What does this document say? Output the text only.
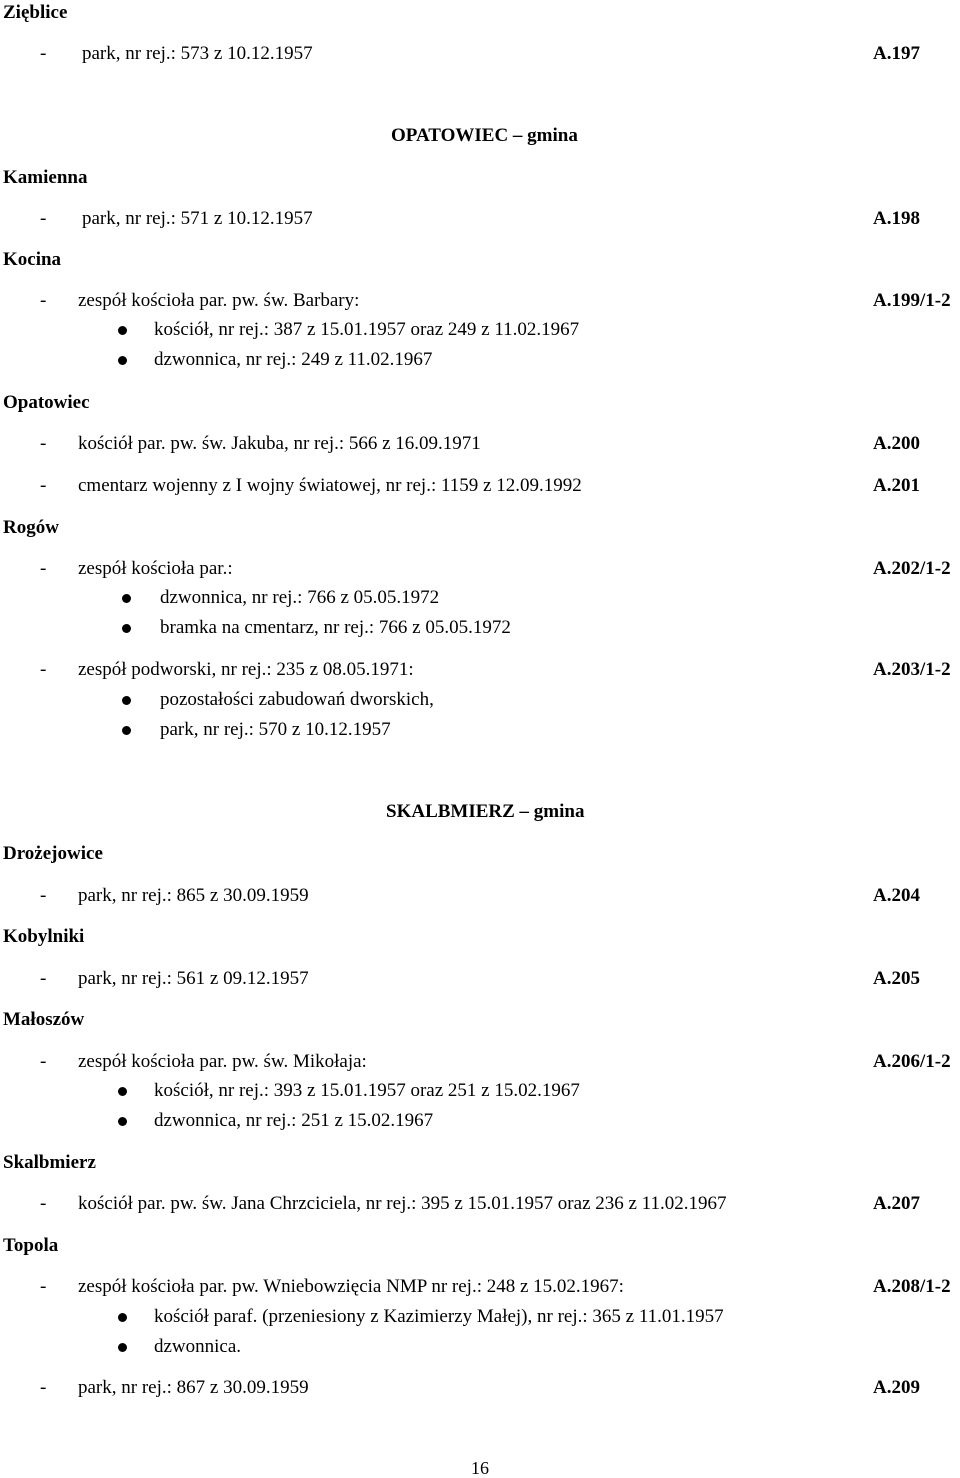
Zięblice
- park, nr rej.: 573 z 10.12.1957	A.197
OPATOWIEC – gmina
Kamienna
- park, nr rej.: 571 z 10.12.1957	A.198
Kocina
- zespół kościoła par. pw. św. Barbary:	A.199/1-2
kościół, nr rej.: 387 z 15.01.1957 oraz 249 z 11.02.1967
dzwonnica, nr rej.: 249 z 11.02.1967
Opatowiec
- kościół par. pw. św. Jakuba, nr rej.: 566 z 16.09.1971	A.200
- cmentarz wojenny z I wojny światowej, nr rej.: 1159 z 12.09.1992	A.201
Rogów
- zespół kościoła par.:	A.202/1-2
dzwonnica, nr rej.: 766 z 05.05.1972
bramka na cmentarz, nr rej.: 766 z 05.05.1972
- zespół podworski, nr rej.: 235 z 08.05.1971:	A.203/1-2
pozostałości zabudowań dworskich,
park, nr rej.: 570 z 10.12.1957
SKALBMIERZ – gmina
Drożejowice
- park, nr rej.: 865 z 30.09.1959	A.204
Kobylniki
- park, nr rej.: 561 z 09.12.1957	A.205
Małoszów
- zespół kościoła par. pw. św. Mikołaja:	A.206/1-2
kościół, nr rej.: 393 z 15.01.1957 oraz 251 z 15.02.1967
dzwonnica, nr rej.: 251 z 15.02.1967
Skalbmierz
- kościół par. pw. św. Jana Chrzciciela, nr rej.: 395 z 15.01.1957 oraz 236 z 11.02.1967	A.207
Topola
- zespół kościoła par. pw. Wniebowzięcia NMP nr rej.: 248 z 15.02.1967:	A.208/1-2
kościół paraf. (przeniesiony z Kazimierzy Małej), nr rej.: 365 z 11.01.1957
dzwonnica.
- park, nr rej.: 867 z 30.09.1959	A.209
16
